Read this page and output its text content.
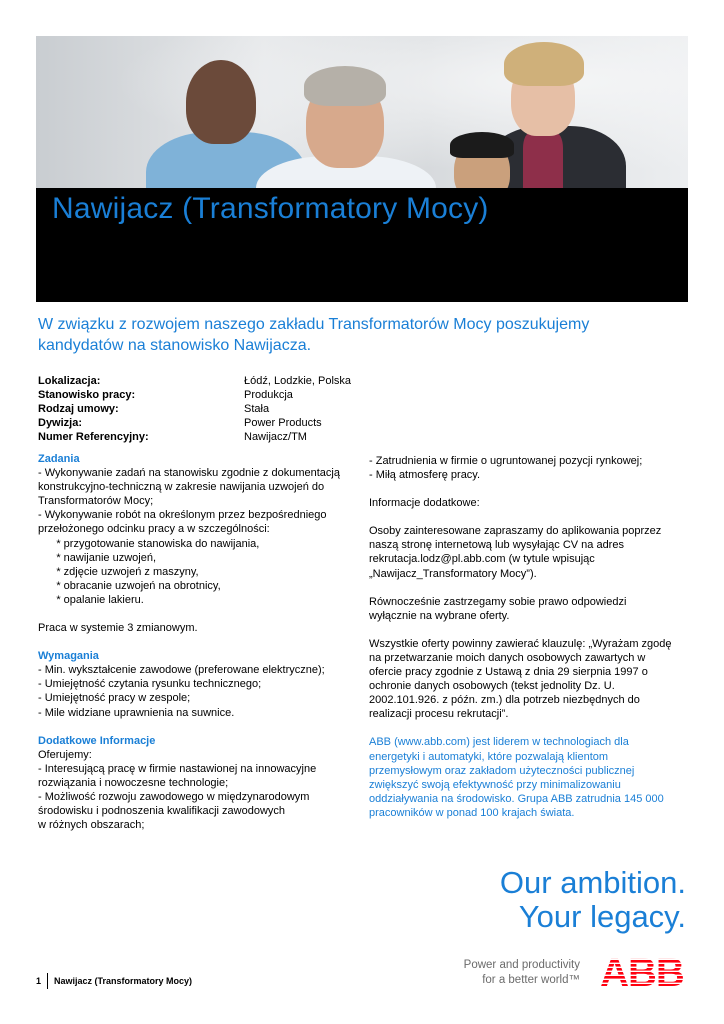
Nawijacz (Transformatory Mocy)
W związku z rozwojem naszego zakładu Transformatorów Mocy poszukujemy kandydatów na stanowisko Nawijacza.
Lokalizacja:	Łódź, Lodzkie, Polska
Stanowisko pracy:	Produkcja
Rodzaj umowy:	Stała
Dywizja:	Power Products
Numer Referencyjny:	Nawijacz/TM
Zadania
- Wykonywanie zadań na stanowisku zgodnie z dokumentacją
konstrukcyjno-techniczną w zakresie nawijania uzwojeń do
Transformatorów Mocy;
- Wykonywanie robót na określonym przez bezpośredniego
przełożonego odcinku pracy a w szczególności:
* przygotowanie stanowiska do nawijania,
* nawijanie uzwojeń,
* zdjęcie uzwojeń z maszyny,
* obracanie uzwojeń na obrotnicy,
* opalanie lakieru.
Praca w systemie 3 zmianowym.
Wymagania
- Min. wykształcenie zawodowe (preferowane elektryczne);
- Umiejętność czytania rysunku technicznego;
- Umiejętność pracy w zespole;
- Mile widziane uprawnienia na suwnice.
Dodatkowe Informacje
Oferujemy:
- Interesującą pracę w firmie nastawionej na innowacyjne
rozwiązania i nowoczesne technologie;
- Możliwość rozwoju zawodowego w międzynarodowym
środowisku i podnoszenia kwalifikacji zawodowych
w różnych obszarach;
- Zatrudnienia w firmie o ugruntowanej pozycji rynkowej;
- Miłą atmosferę pracy.
Informacje dodatkowe:
Osoby zainteresowane zapraszamy do aplikowania poprzez
naszą stronę internetową lub wysyłając CV na adres
rekrutacja.lodz@pl.abb.com (w tytule wpisując
„Nawijacz_Transformatory Mocy”).
Równocześnie zastrzegamy sobie prawo odpowiedzi
wyłącznie na wybrane oferty.
Wszystkie oferty powinny zawierać klauzulę: „Wyrażam zgodę
na przetwarzanie moich danych osobowych zawartych w
ofercie pracy zgodnie z Ustawą z dnia 29 sierpnia 1997 o
ochronie danych osobowych (tekst jednolity Dz. U.
2002.101.926. z późn. zm.) dla potrzeb niezbędnych do
realizacji procesu rekrutacji”.
ABB (www.abb.com) jest liderem w technologiach dla
energetyki i automatyki, które pozwalają klientom
przemysłowym oraz zakładom użyteczności publicznej
zwiększyć swoją efektywność przy minimalizowaniu
oddziaływania na środowisko. Grupa ABB zatrudnia 145 000
pracowników w ponad 100 krajach świata.
Our ambition.
Your legacy.
1	Nawijacz (Transformatory Mocy)
Power and productivity
for a better world™ ABB
